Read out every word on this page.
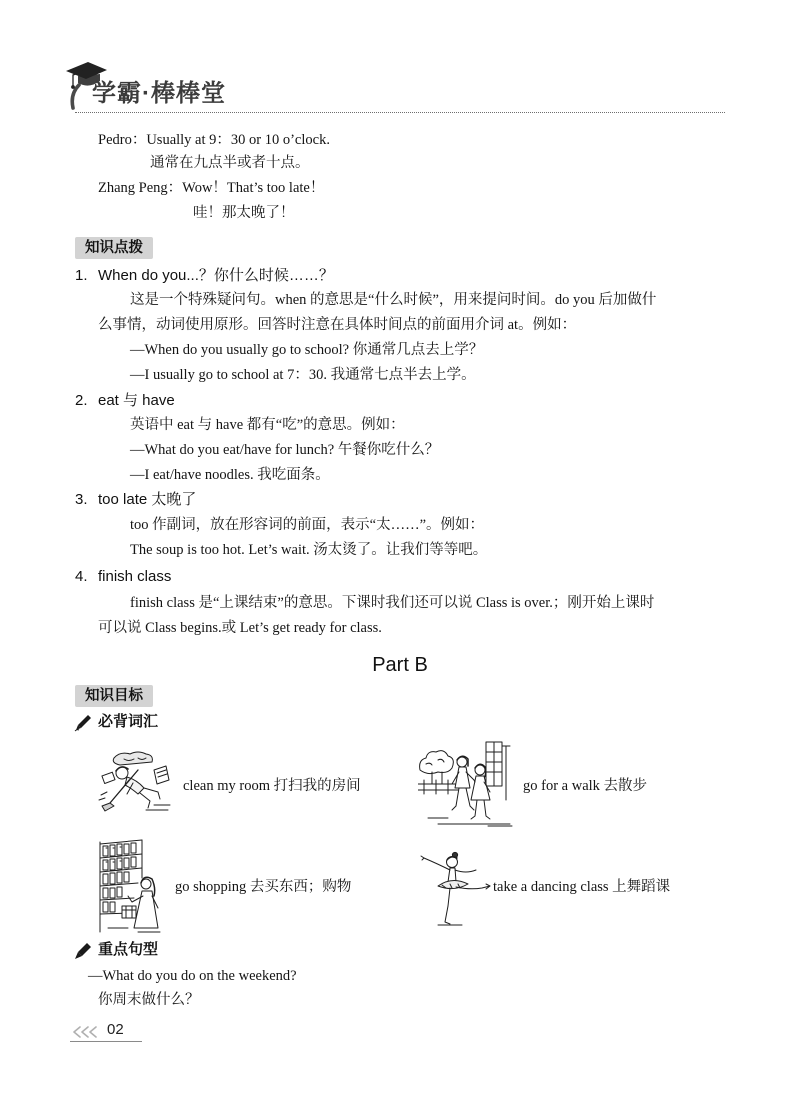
学霸·棒棒堂
Pedro：Usually at 9：30 or 10 o’clock.
通常在九点半或者十点。
Zhang Peng：Wow！That’s too late！
哇！那太晚了！
知识点拨
1. When do you...？你什么时候……？
这是一个特殊疑问句。when 的意思是“什么时候”，用来提问时间。do you 后加做什
么事情，动词使用原形。回答时注意在具体时间点的前面用介词 at。例如：
—When do you usually go to school? 你通常几点去上学？
—I usually go to school at 7：30. 我通常七点半去上学。
2. eat 与 have
英语中 eat 与 have 都有“吃”的意思。例如：
—What do you eat/have for lunch? 午餐你吃什么？
—I eat/have noodles. 我吃面条。
3. too late 太晚了
too 作副词，放在形容词的前面，表示“太……”。例如：
The soup is too hot. Let’s wait. 汤太烫了。让我们等等吧。
4. finish class
finish class 是“上课结束”的意思。下课时我们还可以说 Class is over.；刚开始上课时
可以说 Class begins.或 Let’s get ready for class.
Part B
知识目标
必背词汇
clean my room 打扫我的房间	go for a walk 去散步
go shopping 去买东西；购物	take a dancing class 上舞蹈课
重点句型
—What do you do on the weekend?
你周末做什么？
02
